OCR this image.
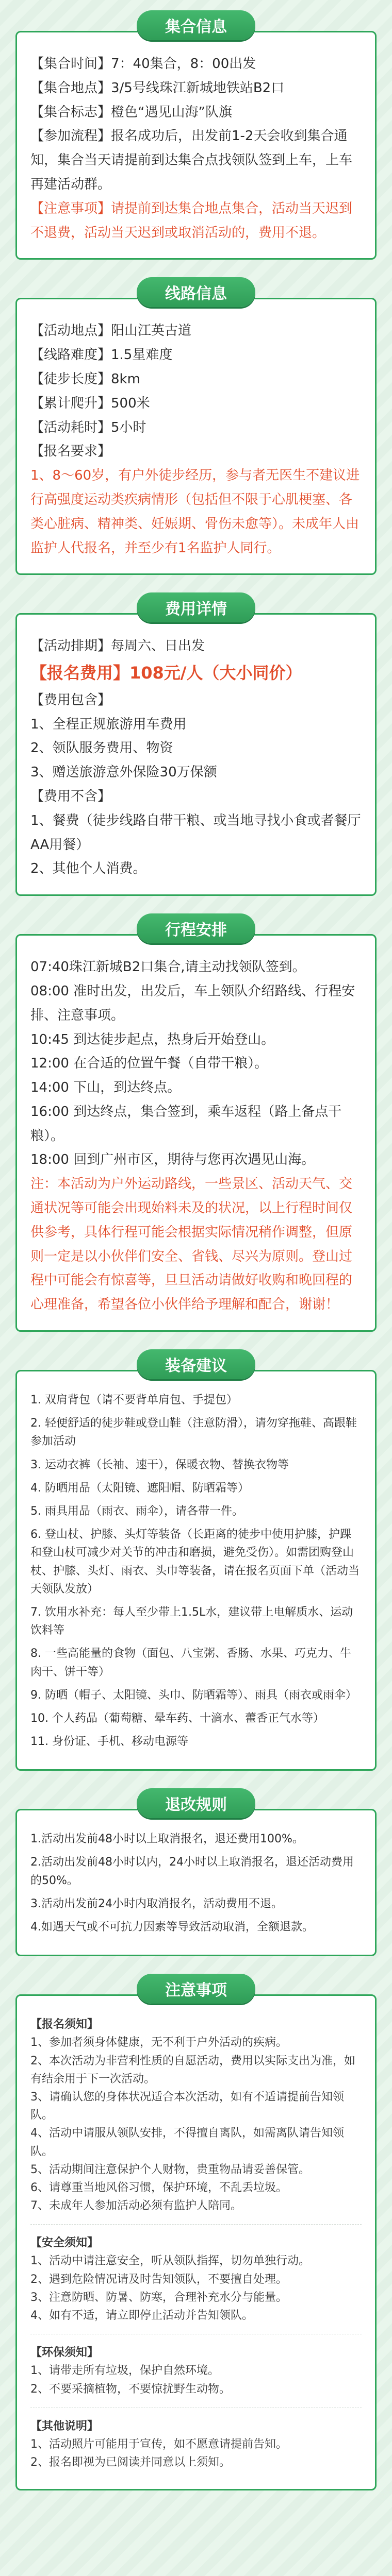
集合信息

【集合时间】7：40集合，8：00出发

【集合地点】3/5号线珠江新城地铁站B2口

【集合标志】橙色“遇见山海”队旗

【参加流程】报名成功后，出发前1-2天会收到集合通知，集合当天请提前到达集合点找领队签到上车，上车再建活动群。

【注意事项】请提前到达集合地点集合，活动当天迟到不退费，活动当天迟到或取消活动的，费用不退。

线路信息

【活动地点】阳山江英古道

【线路难度】1.5星难度

【徒步长度】8km

【累计爬升】500米

【活动耗时】5小时

【报名要求】

1、8～60岁，有户外徒步经历，参与者无医生不建议进行高强度运动类疾病情形（包括但不限于心肌梗塞、各类心脏病、精神类、妊娠期、骨伤未愈等）。未成年人由监护人代报名，并至少有1名监护人同行。

费用详情

【活动排期】每周六、日出发

【报名费用】108元/人（大小同价）

【费用包含】

1、全程正规旅游用车费用

2、领队服务费用、物资

3、赠送旅游意外保险30万保额

【费用不含】

1、餐费（徒步线路自带干粮、或当地寻找小食或者餐厅AA用餐）

2、其他个人消费。

行程安排

07:40珠江新城B2口集合,请主动找领队签到。

08:00 准时出发，出发后，车上领队介绍路线、行程安排、注意事项。

10:45 到达徒步起点，热身后开始登山。

12:00 在合适的位置午餐（自带干粮）。

14:00 下山，到达终点。

16:00 到达终点，集合签到，乘车返程（路上备点干粮）。

18:00 回到广州市区，期待与您再次遇见山海。

注：本活动为户外运动路线，一些景区、活动天气、交通状况等可能会出现始料未及的状况，以上行程时间仅供参考，具体行程可能会根据实际情况稍作调整，但原则一定是以小伙伴们安全、省钱、尽兴为原则。登山过程中可能会有惊喜等，旦旦活动请做好收购和晚回程的心理准备，希望各位小伙伴给予理解和配合，谢谢！

装备建议

1. 双肩背包（请不要背单肩包、手提包）

2. 轻便舒适的徒步鞋或登山鞋（注意防滑），请勿穿拖鞋、高跟鞋参加活动

3. 运动衣裤（长袖、速干），保暖衣物、替换衣物等

4. 防晒用品（太阳镜、遮阳帽、防晒霜等）

5. 雨具用品（雨衣、雨伞），请各带一件。

6. 登山杖、护膝、头灯等装备（长距离的徒步中使用护膝，护踝和登山杖可减少对关节的冲击和磨损，避免受伤）。如需团购登山杖、护膝、头灯、雨衣、头巾等装备，请在报名页面下单（活动当天领队发放）

7. 饮用水补充：每人至少带上1.5L水，建议带上电解质水、运动饮料等

8. 一些高能量的食物（面包、八宝粥、香肠、水果、巧克力、牛肉干、饼干等）

9. 防晒（帽子、太阳镜、头巾、防晒霜等）、雨具（雨衣或雨伞）

10. 个人药品（葡萄糖、晕车药、十滴水、藿香正气水等）

11. 身份证、手机、移动电源等

退改规则

1.活动出发前48小时以上取消报名，退还费用100%。

2.活动出发前48小时以内，24小时以上取消报名，退还活动费用的50%。

3.活动出发前24小时内取消报名，活动费用不退。

4.如遇天气或不可抗力因素等导致活动取消，全额退款。

注意事项

【报名须知】

1、参加者须身体健康，无不利于户外活动的疾病。

2、本次活动为非营利性质的自愿活动，费用以实际支出为准，如有结余用于下一次活动。

3、请确认您的身体状况适合本次活动，如有不适请提前告知领队。

4、活动中请服从领队安排，不得擅自离队，如需离队请告知领队。

5、活动期间注意保护个人财物，贵重物品请妥善保管。

6、请尊重当地风俗习惯，保护环境，不乱丢垃圾。

7、未成年人参加活动必须有监护人陪同。

【安全须知】

1、活动中请注意安全，听从领队指挥，切勿单独行动。

2、遇到危险情况请及时告知领队，不要擅自处理。

3、注意防晒、防暑、防寒，合理补充水分与能量。

4、如有不适，请立即停止活动并告知领队。

【环保须知】

1、请带走所有垃圾，保护自然环境。

2、不要采摘植物，不要惊扰野生动物。

【其他说明】

1、活动照片可能用于宣传，如不愿意请提前告知。

2、报名即视为已阅读并同意以上须知。
